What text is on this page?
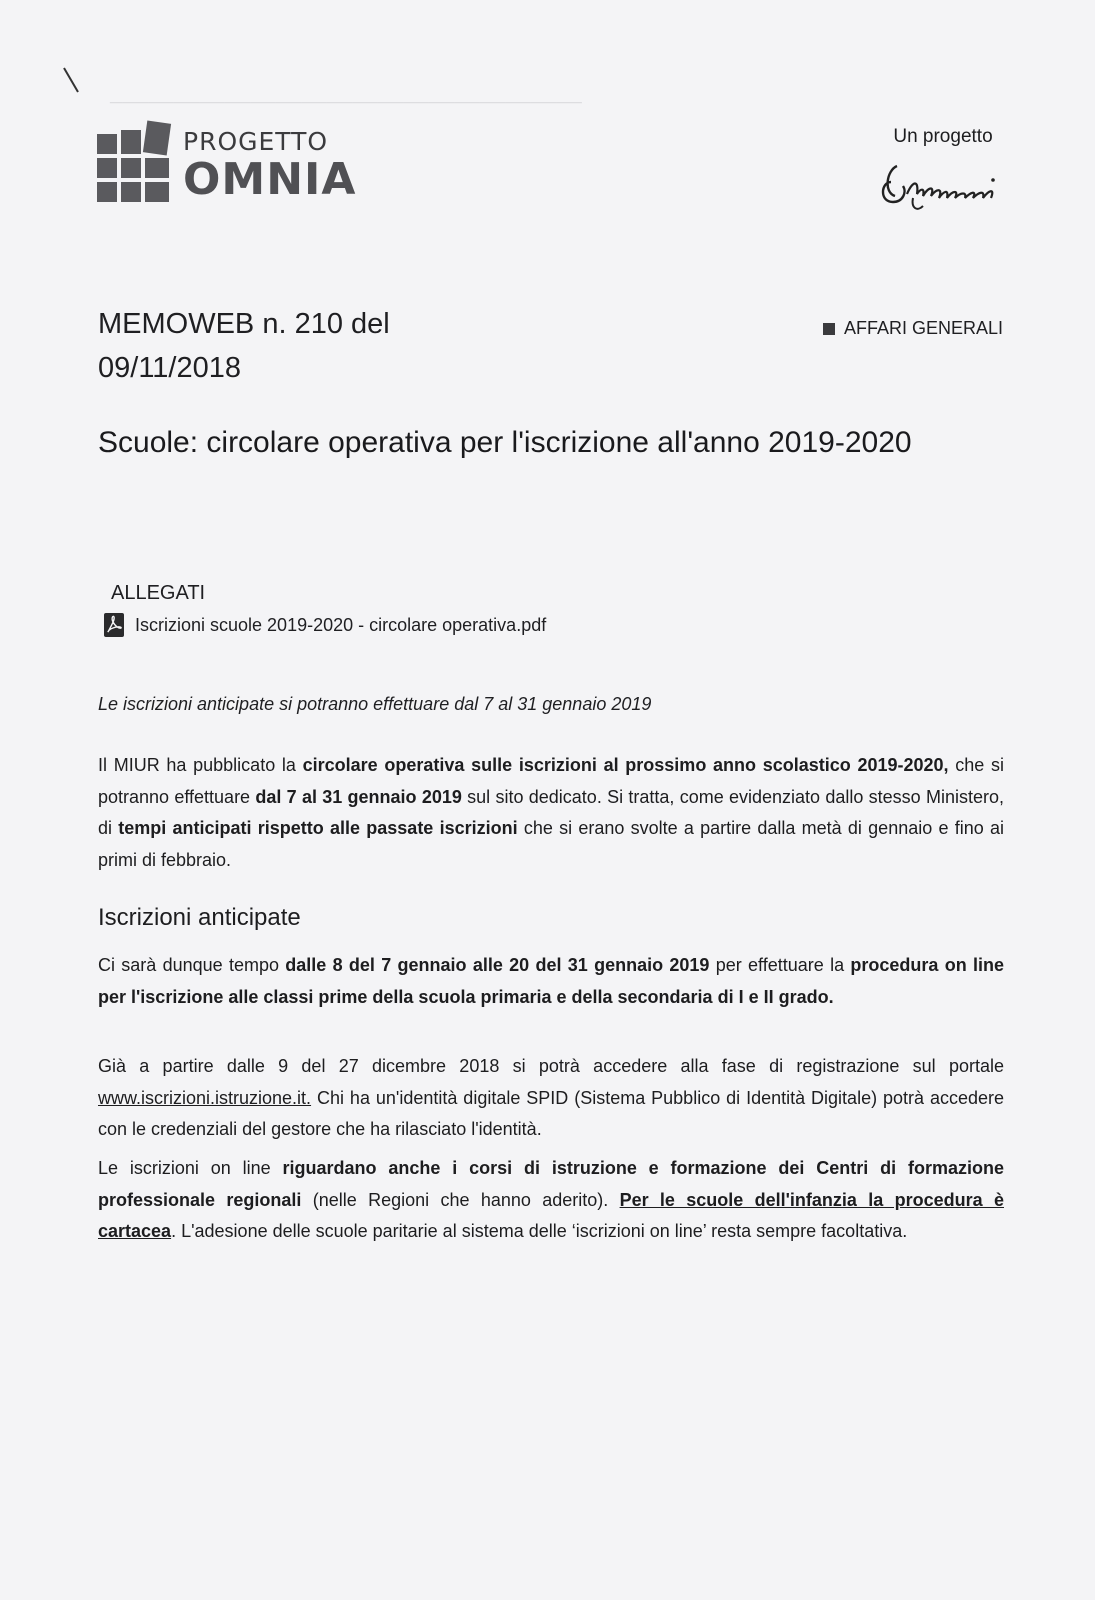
─────────────────────────────────────
PROGETTO
OMNIA
Un progetto
MEMOWEB n. 210 del
09/11/2018
AFFARI GENERALI
Scuole: circolare operativa per l'iscrizione all'anno 2019-2020
ALLEGATI
Iscrizioni scuole 2019-2020 - circolare operativa.pdf

Le iscrizioni anticipate si potranno effettuare dal 7 al 31 gennaio 2019

Il MIUR ha pubblicato la circolare operativa sulle iscrizioni al prossimo anno scolastico 2019-2020, che si potranno effettuare dal 7 al 31 gennaio 2019 sul sito dedicato. Si tratta, come evidenziato dallo stesso Ministero, di tempi anticipati rispetto alle passate iscrizioni che si erano svolte a partire dalla metà di gennaio e fino ai primi di febbraio.

Iscrizioni anticipate

Ci sarà dunque tempo dalle 8 del 7 gennaio alle 20 del 31 gennaio 2019 per effettuare la procedura on line per l'iscrizione alle classi prime della scuola primaria e della secondaria di I e II grado.

Già a partire dalle 9 del 27 dicembre 2018 si potrà accedere alla fase di registrazione sul portale www.iscrizioni.istruzione.it. Chi ha un'identità digitale SPID (Sistema Pubblico di Identità Digitale) potrà accedere con le credenziali del gestore che ha rilasciato l'identità.

Le iscrizioni on line riguardano anche i corsi di istruzione e formazione dei Centri di formazione professionale regionali (nelle Regioni che hanno aderito). Per le scuole dell'infanzia la procedura è cartacea. L'adesione delle scuole paritarie al sistema delle ‘iscrizioni on line’ resta sempre facoltativa.
